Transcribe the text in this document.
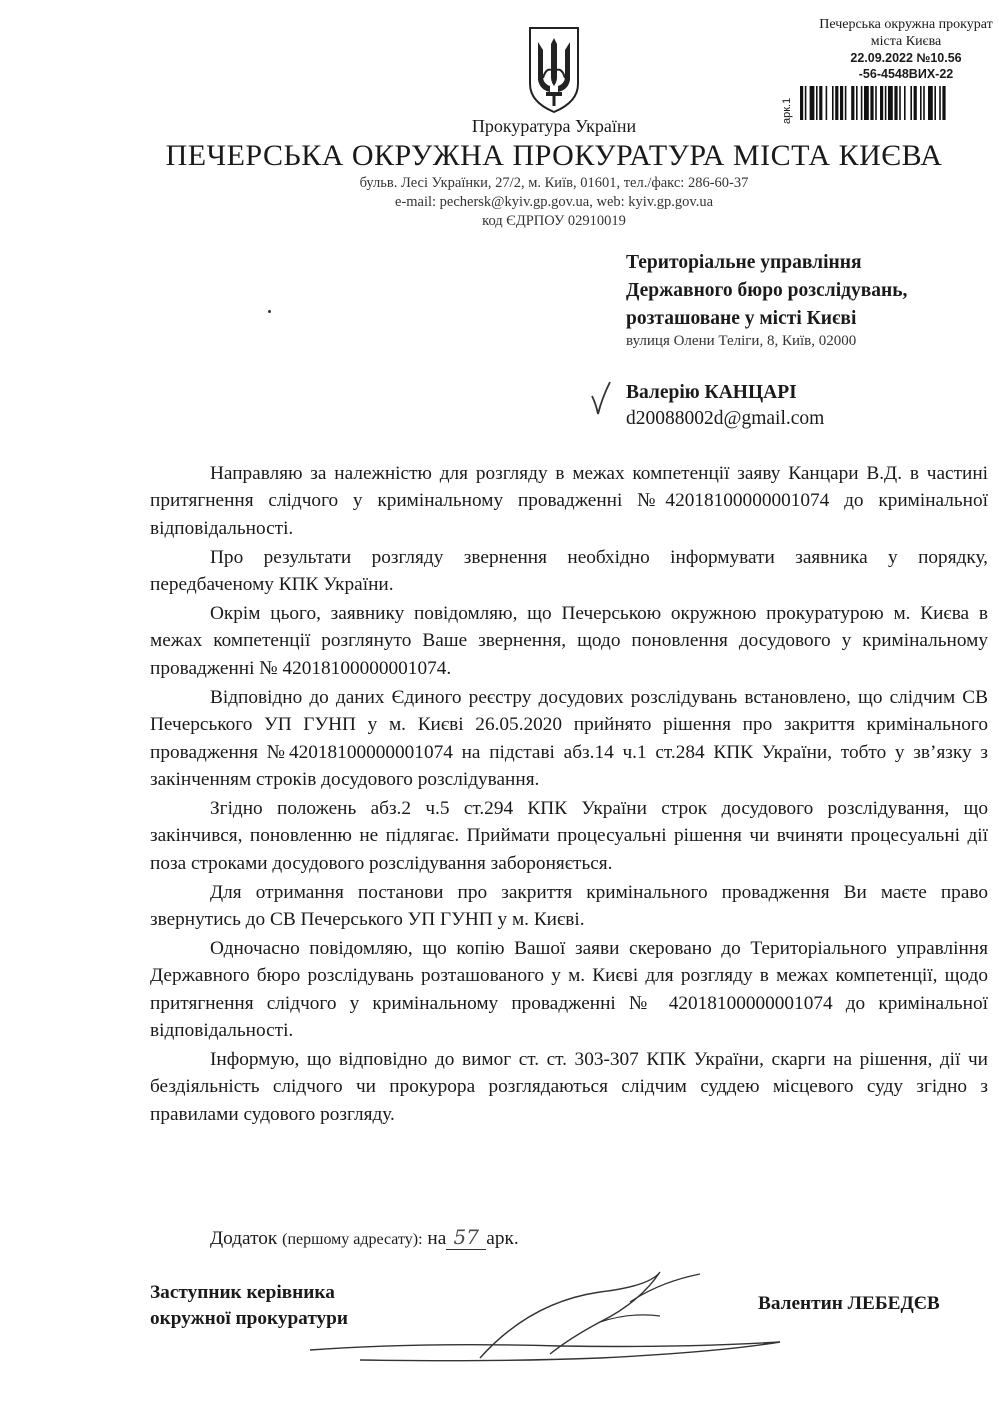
Печерська окружна прокурат
міста Києва
22.09.2022 №10.56
-56-4548ВИХ-22
арк.1
Прокуратура України
ПЕЧЕРСЬКА ОКРУЖНА ПРОКУРАТУРА МІСТА КИЄВА
бульв. Лесі Українки, 27/2, м. Київ, 01601, тел./факс: 286-60-37
e-mail: pechersk@kyiv.gp.gov.ua, web: kyiv.gp.gov.ua
код ЄДРПОУ 02910019
Територіальне управління
Державного бюро розслідувань,
розташоване у місті Києві
вулиця Олени Теліги, 8, Київ, 02000
Валерію КАНЦАРІ
d20088002d@gmail.com

Направляю за належністю для розгляду в межах компетенції заяву Канцари В.Д. в частині притягнення слідчого у кримінальному провадженні №42018100000001074 до кримінальної відповідальності.

Про результати розгляду звернення необхідно інформувати заявника у порядку, передбаченому КПК України.

Окрім цього, заявнику повідомляю, що Печерською окружною прокуратурою м. Києва в межах компетенції розглянуто Ваше звернення, щодо поновлення досудового у кримінальному провадженні № 42018100000001074.

Відповідно до даних Єдиного реєстру досудових розслідувань встановлено, що слідчим СВ Печерського УП ГУНП у м. Києві 26.05.2020 прийнято рішення про закриття кримінального провадження №42018100000001074 на підставі абз.14 ч.1 ст.284 КПК України, тобто у зв’язку з закінченням строків досудового розслідування.

Згідно положень абз.2 ч.5 ст.294 КПК України строк досудового розслідування, що закінчився, поновленню не підлягає. Приймати процесуальні рішення чи вчиняти процесуальні дії поза строками досудового розслідування забороняється.

Для отримання постанови про закриття кримінального провадження Ви маєте право звернутись до СВ Печерського УП ГУНП у м. Києві.

Одночасно повідомляю, що копію Вашої заяви скеровано до Територіального управління Державного бюро розслідувань розташованого у м. Києві для розгляду в межах компетенції, щодо притягнення слідчого у кримінальному провадженні № 42018100000001074 до кримінальної відповідальності.

Інформую, що відповідно до вимог ст. ст. 303-307 КПК України, скарги на рішення, дії чи бездіяльність слідчого чи прокурора розглядаються слідчим суддею місцевого суду згідно з правилами судового розгляду.

Додаток (першому адресату): на 57 арк.
Заступник керівника
окружної прокуратури
Валентин ЛЕБЕДЄВ
